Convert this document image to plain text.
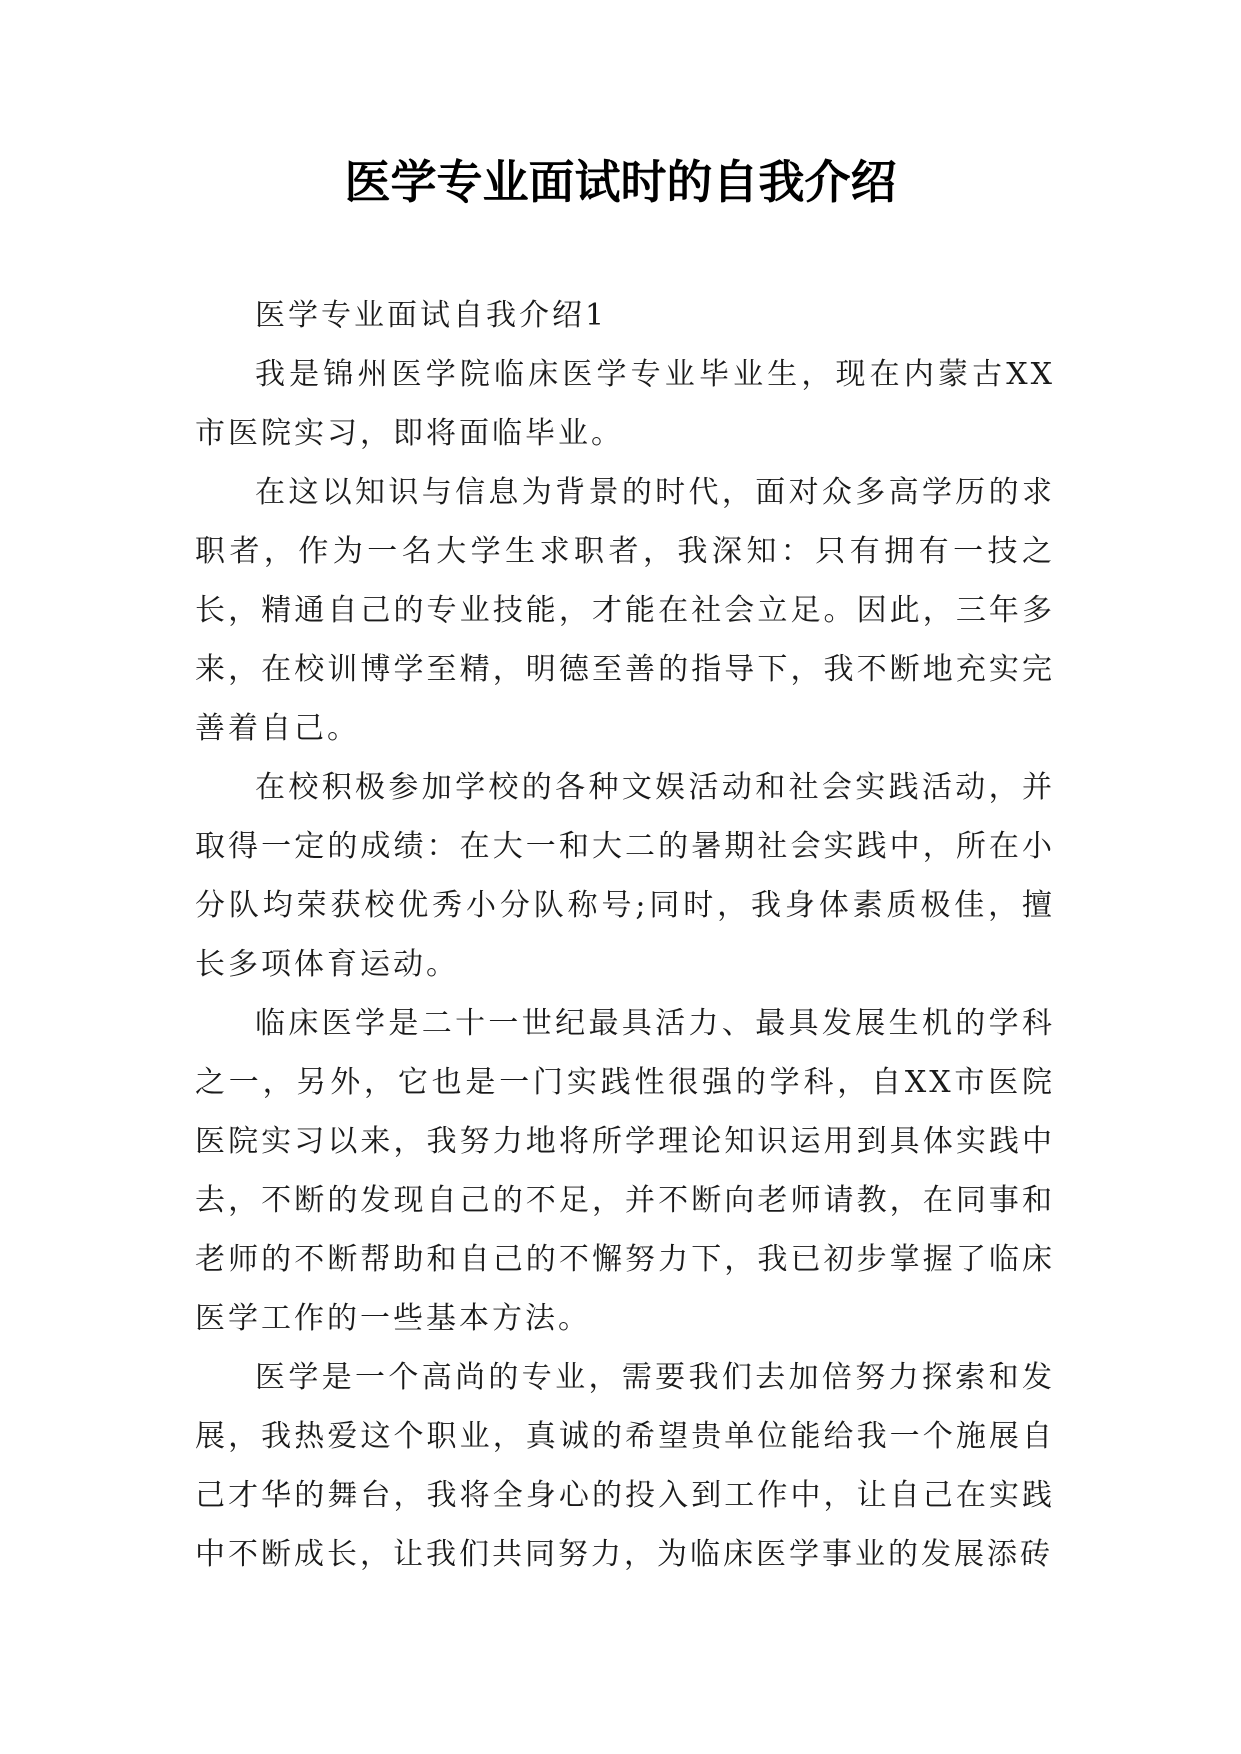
医学专业面试时的自我介绍

医学专业面试自我介绍1

我是锦州医学院临床医学专业毕业生，现在内蒙古XX市医院实习，即将面临毕业。

在这以知识与信息为背景的时代，面对众多高学历的求职者，作为一名大学生求职者，我深知：只有拥有一技之长，精通自己的专业技能，才能在社会立足。因此，三年多来，在校训博学至精，明德至善的指导下，我不断地充实完善着自己。

在校积极参加学校的各种文娱活动和社会实践活动，并取得一定的成绩：在大一和大二的暑期社会实践中，所在小分队均荣获校优秀小分队称号;同时，我身体素质极佳，擅长多项体育运动。

临床医学是二十一世纪最具活力、最具发展生机的学科之一，另外，它也是一门实践性很强的学科，自XX市医院医院实习以来，我努力地将所学理论知识运用到具体实践中去，不断的发现自己的不足，并不断向老师请教，在同事和老师的不断帮助和自己的不懈努力下，我已初步掌握了临床医学工作的一些基本方法。

医学是一个高尚的专业，需要我们去加倍努力探索和发展，我热爱这个职业，真诚的希望贵单位能给我一个施展自己才华的舞台，我将全身心的投入到工作中，让自己在实践中不断成长，让我们共同努力，为临床医学事业的发展添砖
